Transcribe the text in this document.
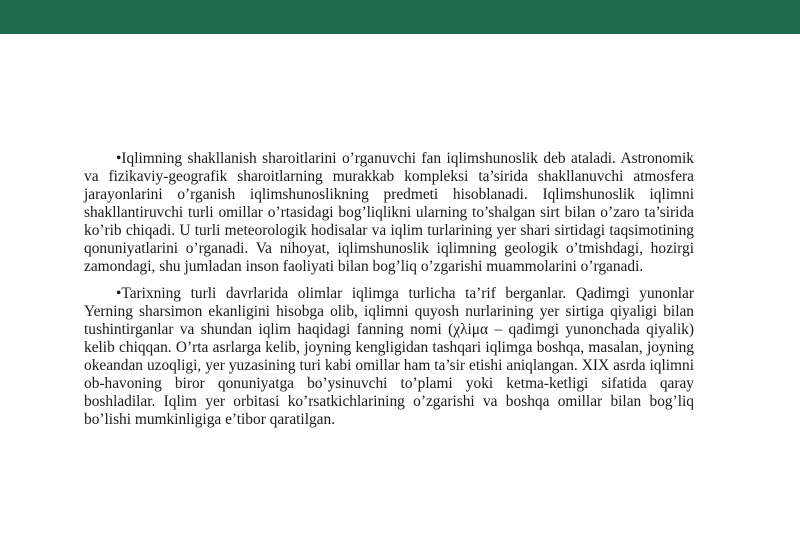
•Iqlimning shakllanish sharoitlarini o’rganuvchi fan iqlimshunoslik deb ataladi. Astronomik va fizikaviy-geografik sharoitlarning murakkab kompleksi ta’sirida shakllanuvchi atmosfera jarayonlarini o’rganish iqlimshunoslikning predmeti hisoblanadi. Iqlimshunoslik iqlimni shakllantiruvchi turli omillar o’rtasidagi bog’liqlikni ularning to’shalgan sirt bilan o’zaro ta’sirida ko’rib chiqadi. U turli meteorologik hodisalar va iqlim turlarining yer shari sirtidagi taqsimotining qonuniyatlarini o’rganadi. Va nihoyat, iqlimshunoslik iqlimning geologik o’tmishdagi, hozirgi zamondagi, shu jumladan inson faoliyati bilan bog’liq o’zgarishi muammolarini o’rganadi.

•Tarixning turli davrlarida olimlar iqlimga turlicha ta’rif berganlar. Qadimgi yunonlar Yerning sharsimon ekanligini hisobga olib, iqlimni quyosh nurlarining yer sirtiga qiyaligi bilan tushintirganlar va shundan iqlim haqidagi fanning nomi (χλiμα – qadimgi yunonchada qiyalik) kelib chiqqan. O’rta asrlarga kelib, joyning kengligidan tashqari iqlimga boshqa, masalan, joyning okeandan uzoqligi, yer yuzasining turi kabi omillar ham ta’sir etishi aniqlangan. XIX asrda iqlimni ob-havoning biror qonuniyatga bo’ysinuvchi to’plami yoki ketma-ketligi sifatida qaray boshladilar. Iqlim yer orbitasi ko’rsatkichlarining o’zgarishi va boshqa omillar bilan bog’liq bo’lishi mumkinligiga e’tibor qaratilgan.
